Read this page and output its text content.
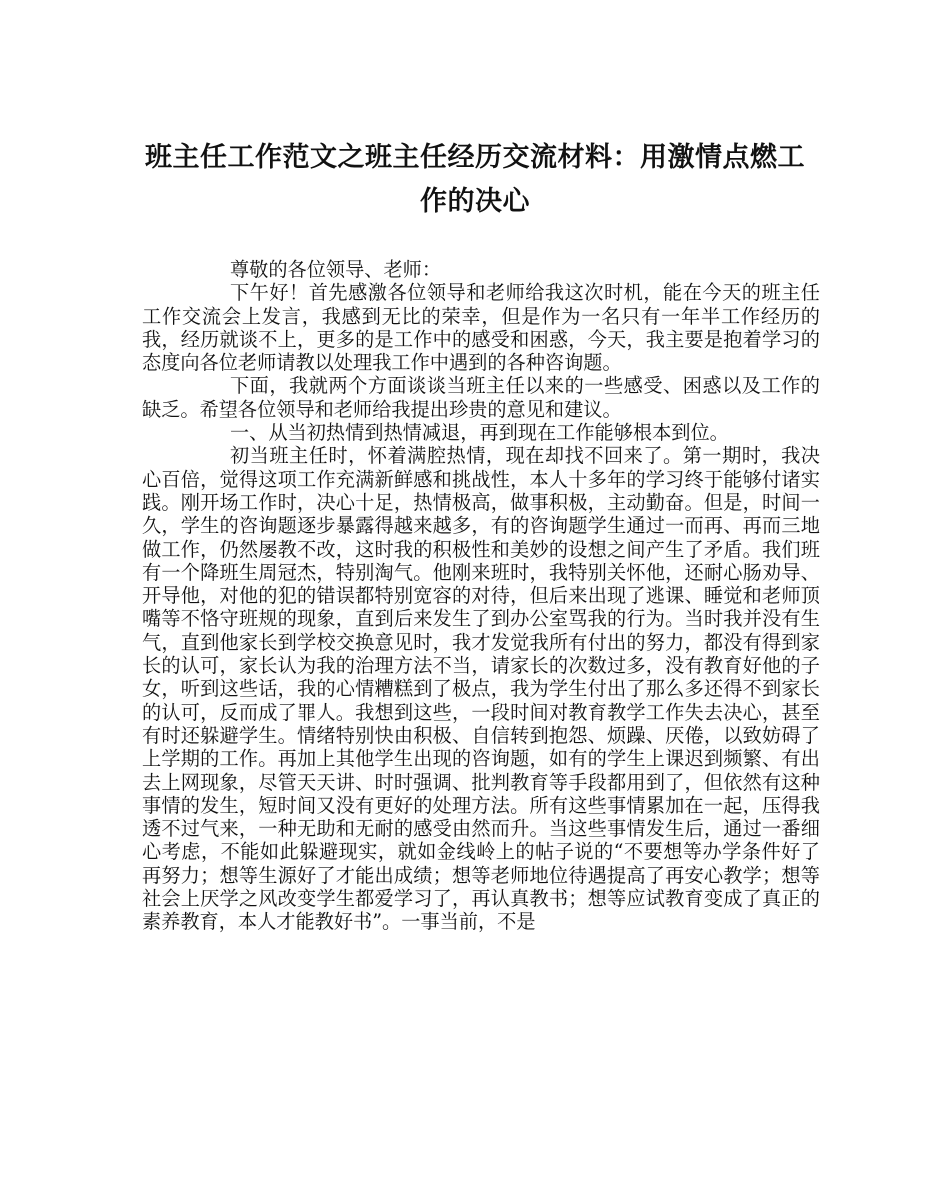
班主任工作范文之班主任经历交流材料：用激情点燃工
作的决心

尊敬的各位领导、老师：

下午好！首先感激各位领导和老师给我这次时机，能在今天的班主任工作交流会上发言，我感到无比的荣幸，但是作为一名只有一年半工作经历的我，经历就谈不上，更多的是工作中的感受和困惑，今天，我主要是抱着学习的态度向各位老师请教以处理我工作中遇到的各种咨询题。

下面，我就两个方面谈谈当班主任以来的一些感受、困惑以及工作的缺乏。希望各位领导和老师给我提出珍贵的意见和建议。

一、从当初热情到热情减退，再到现在工作能够根本到位。

初当班主任时，怀着满腔热情，现在却找不回来了。第一期时，我决心百倍，觉得这项工作充满新鲜感和挑战性，本人十多年的学习终于能够付诸实践。刚开场工作时，决心十足，热情极高，做事积极，主动勤奋。但是，时间一久，学生的咨询题逐步暴露得越来越多，有的咨询题学生通过一而再、再而三地做工作，仍然屡教不改，这时我的积极性和美妙的设想之间产生了矛盾。我们班有一个降班生周冠杰，特别淘气。他刚来班时，我特别关怀他，还耐心肠劝导、开导他，对他的犯的错误都特别宽容的对待，但后来出现了逃课、睡觉和老师顶嘴等不恪守班规的现象，直到后来发生了到办公室骂我的行为。当时我并没有生气，直到他家长到学校交换意见时，我才发觉我所有付出的努力，都没有得到家长的认可，家长认为我的治理方法不当，请家长的次数过多，没有教育好他的子女，听到这些话，我的心情糟糕到了极点，我为学生付出了那么多还得不到家长的认可，反而成了罪人。我想到这些，一段时间对教育教学工作失去决心，甚至有时还躲避学生。情绪特别快由积极、自信转到抱怨、烦躁、厌倦，以致妨碍了上学期的工作。再加上其他学生出现的咨询题，如有的学生上课迟到频繁、有出去上网现象，尽管天天讲、时时强调、批判教育等手段都用到了，但依然有这种事情的发生，短时间又没有更好的处理方法。所有这些事情累加在一起，压得我透不过气来，一种无助和无耐的感受由然而升。当这些事情发生后，通过一番细心考虑，不能如此躲避现实，就如金线岭上的帖子说的“不要想等办学条件好了再努力；想等生源好了才能出成绩；想等老师地位待遇提高了再安心教学；想等社会上厌学之风改变学生都爱学习了，再认真教书；想等应试教育变成了真正的素养教育，本人才能教好书”。一事当前，不是
